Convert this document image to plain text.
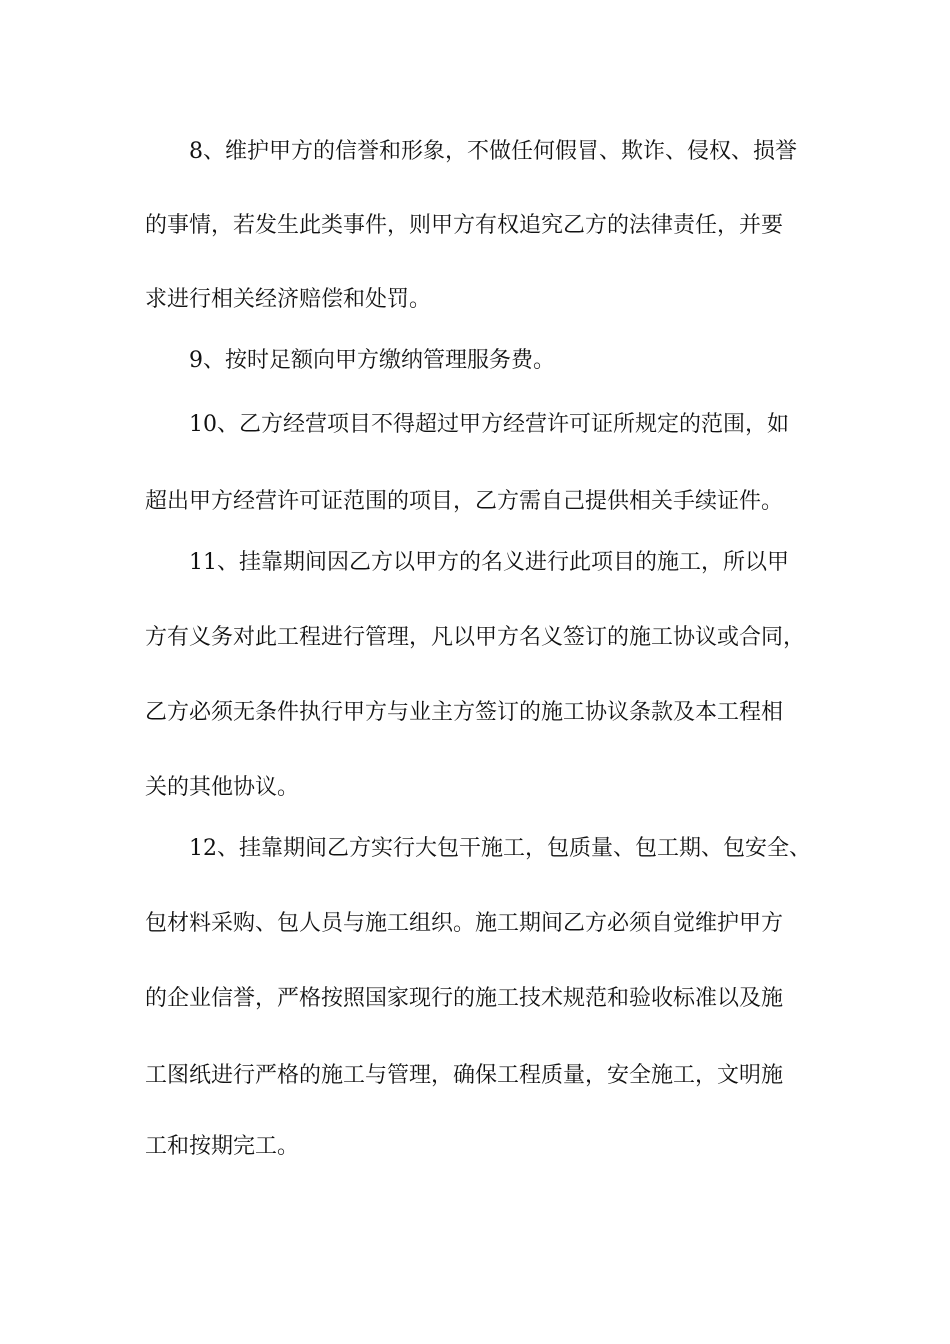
8、维护甲方的信誉和形象，不做任何假冒、欺诈、侵权、损誉
的事情，若发生此类事件，则甲方有权追究乙方的法律责任，并要
求进行相关经济赔偿和处罚。
9、按时足额向甲方缴纳管理服务费。
10、乙方经营项目不得超过甲方经营许可证所规定的范围，如
超出甲方经营许可证范围的项目，乙方需自己提供相关手续证件。
11、挂靠期间因乙方以甲方的名义进行此项目的施工，所以甲
方有义务对此工程进行管理，凡以甲方名义签订的施工协议或合同，
乙方必须无条件执行甲方与业主方签订的施工协议条款及本工程相
关的其他协议。
12、挂靠期间乙方实行大包干施工，包质量、包工期、包安全、
包材料采购、包人员与施工组织。施工期间乙方必须自觉维护甲方
的企业信誉，严格按照国家现行的施工技术规范和验收标准以及施
工图纸进行严格的施工与管理，确保工程质量，安全施工，文明施
工和按期完工。
